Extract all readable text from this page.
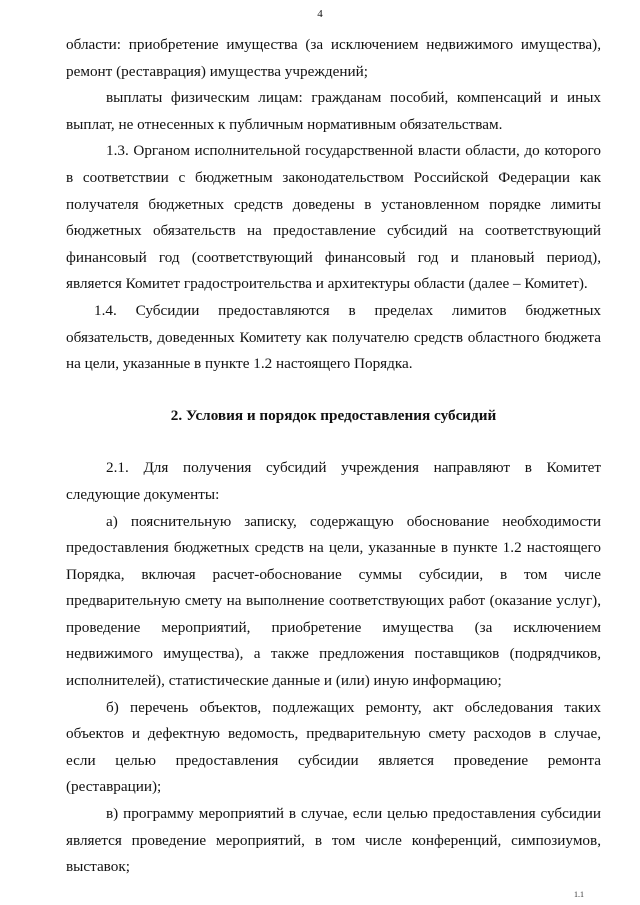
4

области: приобретение имущества (за исключением недвижимого имущества), ремонт (реставрация) имущества учреждений;

выплаты физическим лицам: гражданам пособий, компенсаций и иных выплат, не отнесенных к публичным нормативным обязательствам.

1.3. Органом исполнительной государственной власти области, до которого в соответствии с бюджетным законодательством Российской Федерации как получателя бюджетных средств доведены в установленном порядке лимиты бюджетных обязательств на предоставление субсидий на соответствующий финансовый год (соответствующий финансовый год и плановый период), является Комитет градостроительства и архитектуры области (далее – Комитет).

1.4. Субсидии предоставляются в пределах лимитов бюджетных обязательств, доведенных Комитету как получателю средств областного бюджета на цели, указанные в пункте 1.2 настоящего Порядка.

2. Условия и порядок предоставления субсидий

2.1. Для получения субсидий учреждения направляют в Комитет следующие документы:

а) пояснительную записку, содержащую обоснование необходимости предоставления бюджетных средств на цели, указанные в пункте 1.2 настоящего Порядка, включая расчет-обоснование суммы субсидии, в том числе предварительную смету на выполнение соответствующих работ (оказание услуг), проведение мероприятий, приобретение имущества (за исключением недвижимого имущества), а также предложения поставщиков (подрядчиков, исполнителей), статистические данные и (или) иную информацию;

б) перечень объектов, подлежащих ремонту, акт обследования таких объектов и дефектную ведомость, предварительную смету расходов в случае, если целью предоставления субсидии является проведение ремонта (реставрации);

в) программу мероприятий в случае, если целью предоставления субсидии является проведение мероприятий, в том числе конференций, симпозиумов, выставок;

1.1
